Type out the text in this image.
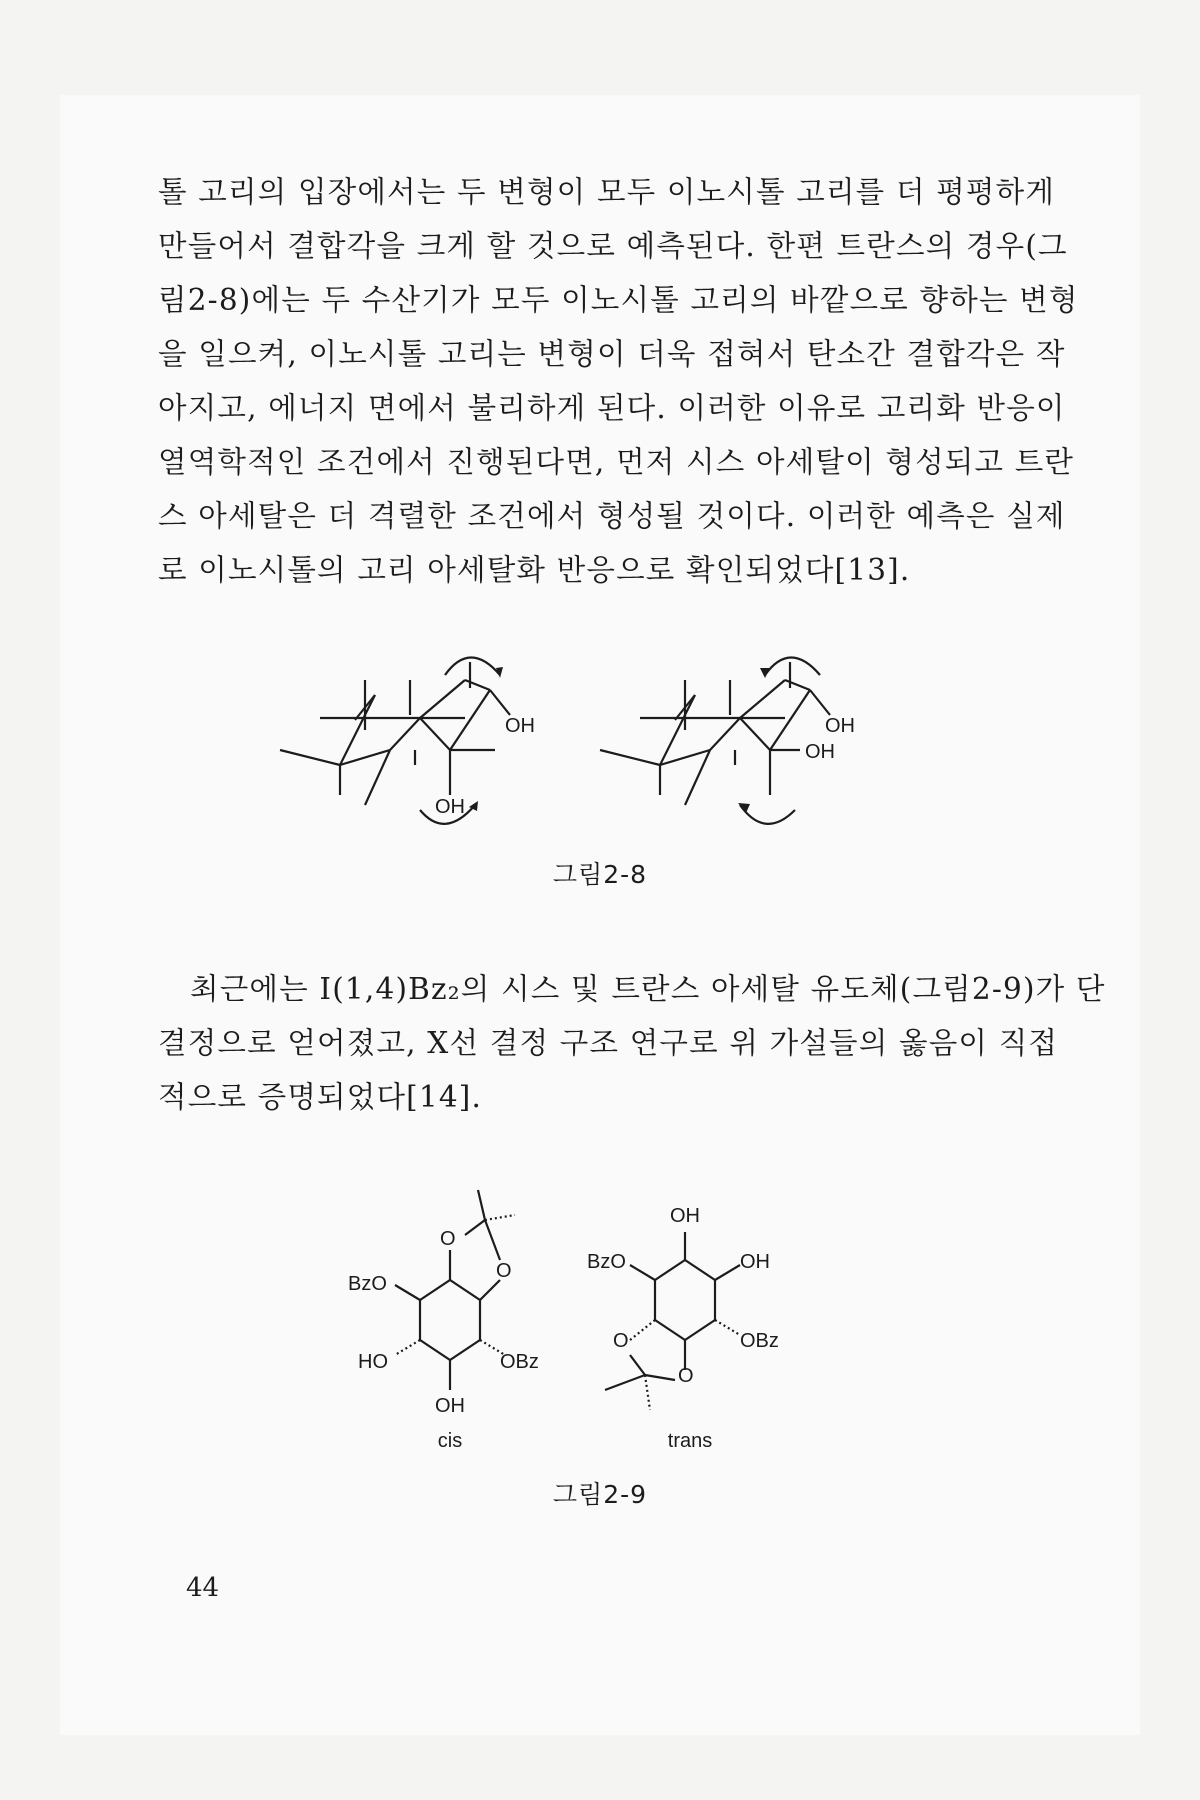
톨 고리의 입장에서는 두 변형이 모두 이노시톨 고리를 더 평평하게
만들어서 결합각을 크게 할 것으로 예측된다. 한편 트란스의 경우(그
림2-8)에는 두 수산기가 모두 이노시톨 고리의 바깥으로 향하는 변형
을 일으켜, 이노시톨 고리는 변형이 더욱 접혀서 탄소간 결합각은 작
아지고, 에너지 면에서 불리하게 된다. 이러한 이유로 고리화 반응이
열역학적인 조건에서 진행된다면, 먼저 시스 아세탈이 형성되고 트란
스 아세탈은 더 격렬한 조건에서 형성될 것이다. 이러한 예측은 실제
로 이노시톨의 고리 아세탈화 반응으로 확인되었다[13].
OH
OH
OH
OH
그림2-8
최근에는 I(1,4)Bz₂의 시스 및 트란스 아세탈 유도체(그림2-9)가 단
결정으로 얻어졌고, X선 결정 구조 연구로 위 가설들의 옳음이 직접
적으로 증명되었다[14].
O
O
BzO
HO	OBz
OH
cis
OH
BzO	OH
OBz
O
O
trans
그림2-9
44
